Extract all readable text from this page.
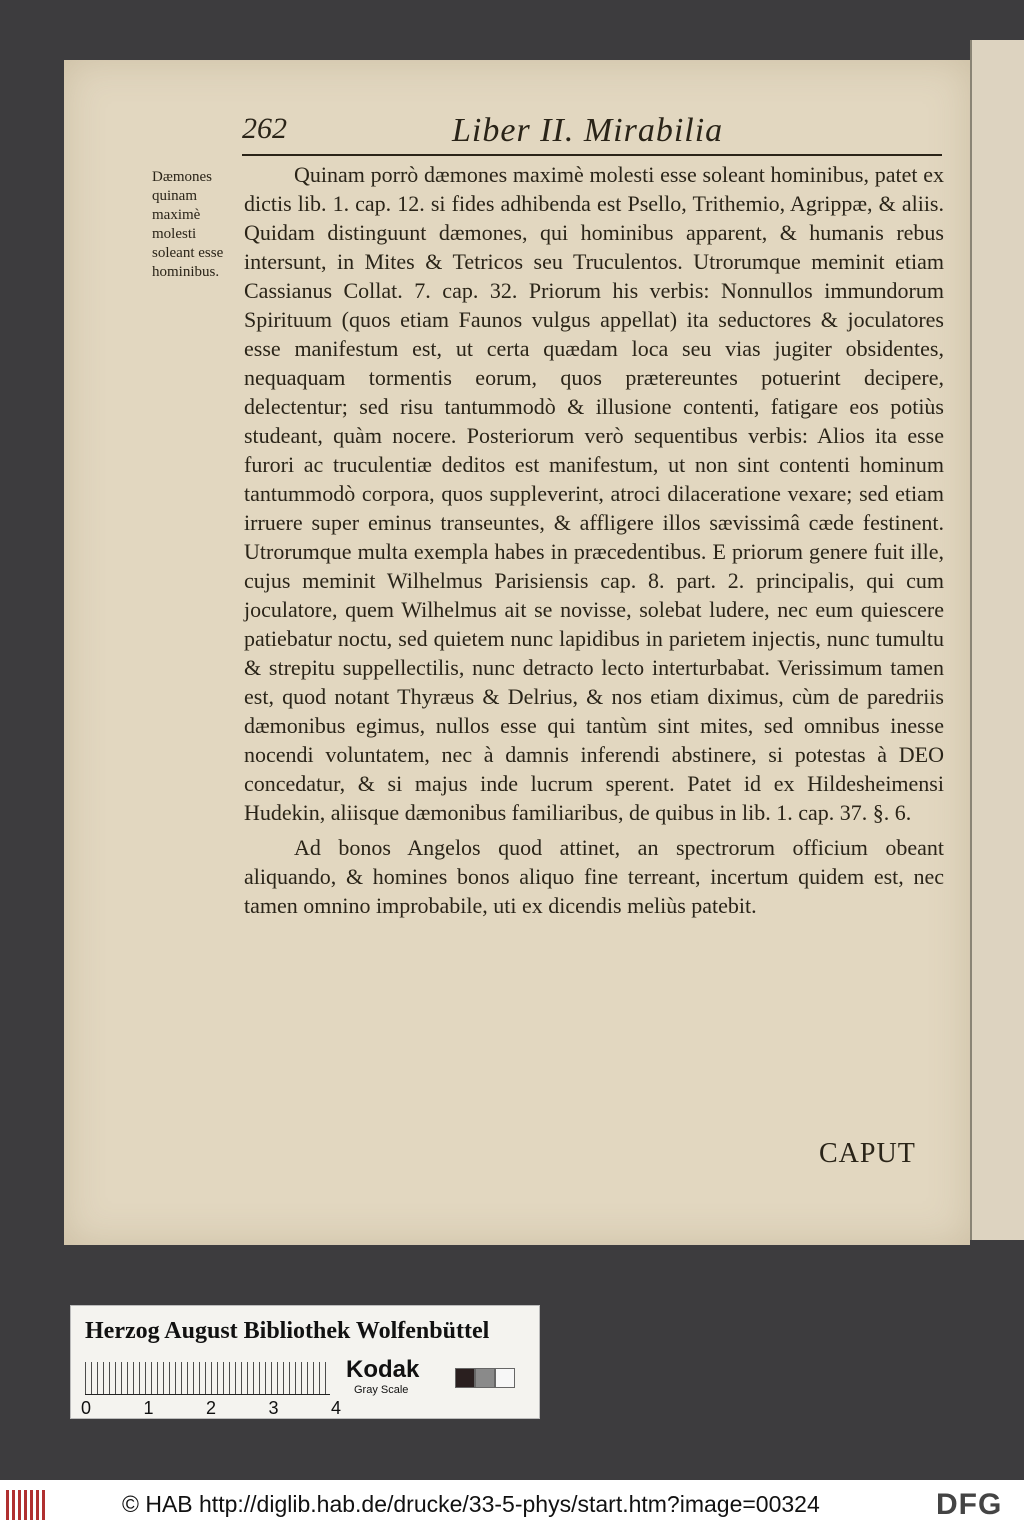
262	Liber II. Mirabilia
Dæmones quinam maximè molesti soleant esse hominibus.

Quinam porrò dæmones maximè molesti esse soleant hominibus, patet ex dictis lib. 1. cap. 12. si fides adhibenda est Psello, Trithemio, Agrippæ, & aliis. Quidam distinguunt dæmones, qui hominibus apparent, & humanis rebus intersunt, in Mites & Tetricos seu Truculentos. Utrorumque meminit etiam Cassianus Collat. 7. cap. 32. Priorum his verbis: Nonnullos immundorum Spirituum (quos etiam Faunos vulgus appellat) ita seductores & joculatores esse manifestum est, ut certa quædam loca seu vias jugiter obsidentes, nequaquam tormentis eorum, quos prætereuntes potuerint decipere, delectentur; sed risu tantummodò & illusione contenti, fatigare eos potiùs studeant, quàm nocere. Posteriorum verò sequentibus verbis: Alios ita esse furori ac truculentiæ deditos est manifestum, ut non sint contenti hominum tantummodò corpora, quos suppleverint, atroci dilaceratione vexare; sed etiam irruere super eminus transeuntes, & affligere illos sævissimâ cæde festinent. Utrorumque multa exempla habes in præcedentibus. E priorum genere fuit ille, cujus meminit Wilhelmus Parisiensis cap. 8. part. 2. principalis, qui cum joculatore, quem Wilhelmus ait se novisse, solebat ludere, nec eum quiescere patiebatur noctu, sed quietem nunc lapidibus in parietem injectis, nunc tumultu & strepitu suppellectilis, nunc detracto lecto interturbabat. Verissimum tamen est, quod notant Thyræus & Delrius, & nos etiam diximus, cùm de paredriis dæmonibus egimus, nullos esse qui tantùm sint mites, sed omnibus inesse nocendi voluntatem, nec à damnis inferendi abstinere, si potestas à DEO concedatur, & si majus inde lucrum sperent. Patet id ex Hildesheimensi Hudekin, aliisque dæmonibus familiaribus, de quibus in lib. 1. cap. 37. §. 6.

Ad bonos Angelos quod attinet, an spectrorum officium obeant aliquando, & homines bonos aliquo fine terreant, incertum quidem est, nec tamen omnino improbabile, uti ex dicendis meliùs patebit.

CAPUT
Herzog August Bibliothek Wolfenbüttel
0	1	2	3	4
Kodak
Gray Scale
© HAB http://diglib.hab.de/drucke/33-5-phys/start.htm?image=00324	DFG
